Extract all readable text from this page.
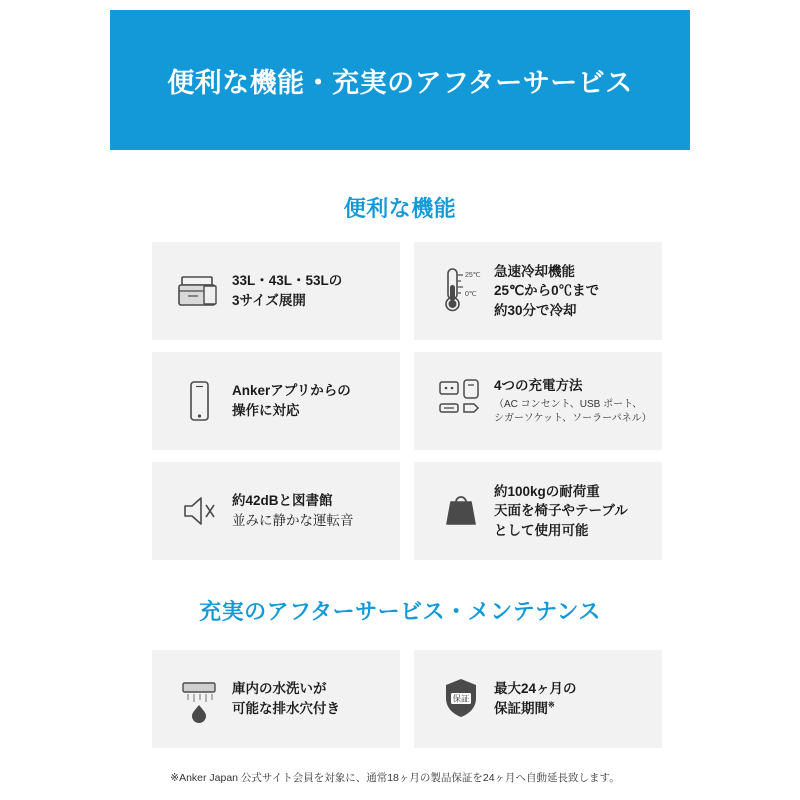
便利な機能・充実のアフターサービス
便利な機能
33L・43L・53Lの
3サイズ展開
25℃
0℃
急速冷却機能
25℃から0℃まで
約30分で冷却
Ankerアプリからの
操作に対応
4つの充電方法
（AC コンセント、USB ポート、シガーソケット、ソーラーパネル）
約42dBと図書館
並みに静かな運転音
約100kgの耐荷重
天面を椅子やテーブル
として使用可能
充実のアフターサービス・メンテナンス
庫内の水洗いが
可能な排水穴付き
保証
最大24ヶ月の
保証期間※
※Anker Japan 公式サイト会員を対象に、通常18ヶ月の製品保証を24ヶ月へ自動延長致します。
